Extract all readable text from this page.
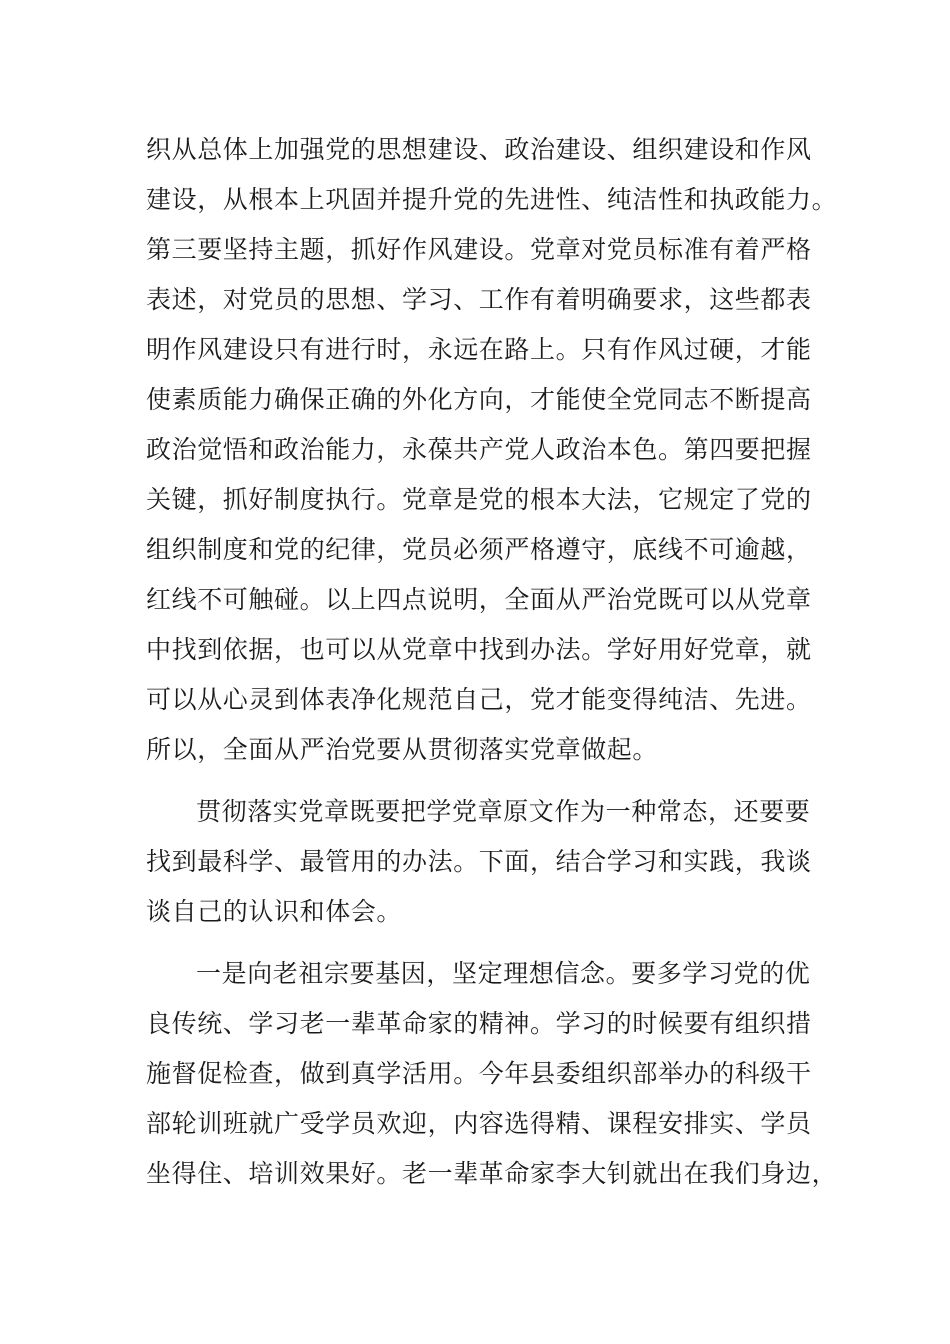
织从总体上加强党的思想建设、政治建设、组织建设和作风
建设，从根本上巩固并提升党的先进性、纯洁性和执政能力。
第三要坚持主题，抓好作风建设。党章对党员标准有着严格
表述，对党员的思想、学习、工作有着明确要求，这些都表
明作风建设只有进行时，永远在路上。只有作风过硬，才能
使素质能力确保正确的外化方向，才能使全党同志不断提高
政治觉悟和政治能力，永葆共产党人政治本色。第四要把握
关键，抓好制度执行。党章是党的根本大法，它规定了党的
组织制度和党的纪律，党员必须严格遵守，底线不可逾越，
红线不可触碰。以上四点说明，全面从严治党既可以从党章
中找到依据，也可以从党章中找到办法。学好用好党章，就
可以从心灵到体表净化规范自己，党才能变得纯洁、先进。
所以，全面从严治党要从贯彻落实党章做起。
贯彻落实党章既要把学党章原文作为一种常态，还要要
找到最科学、最管用的办法。下面，结合学习和实践，我谈
谈自己的认识和体会。
一是向老祖宗要基因，坚定理想信念。要多学习党的优
良传统、学习老一辈革命家的精神。学习的时候要有组织措
施督促检查，做到真学活用。今年县委组织部举办的科级干
部轮训班就广受学员欢迎，内容选得精、课程安排实、学员
坐得住、培训效果好。老一辈革命家李大钊就出在我们身边，
